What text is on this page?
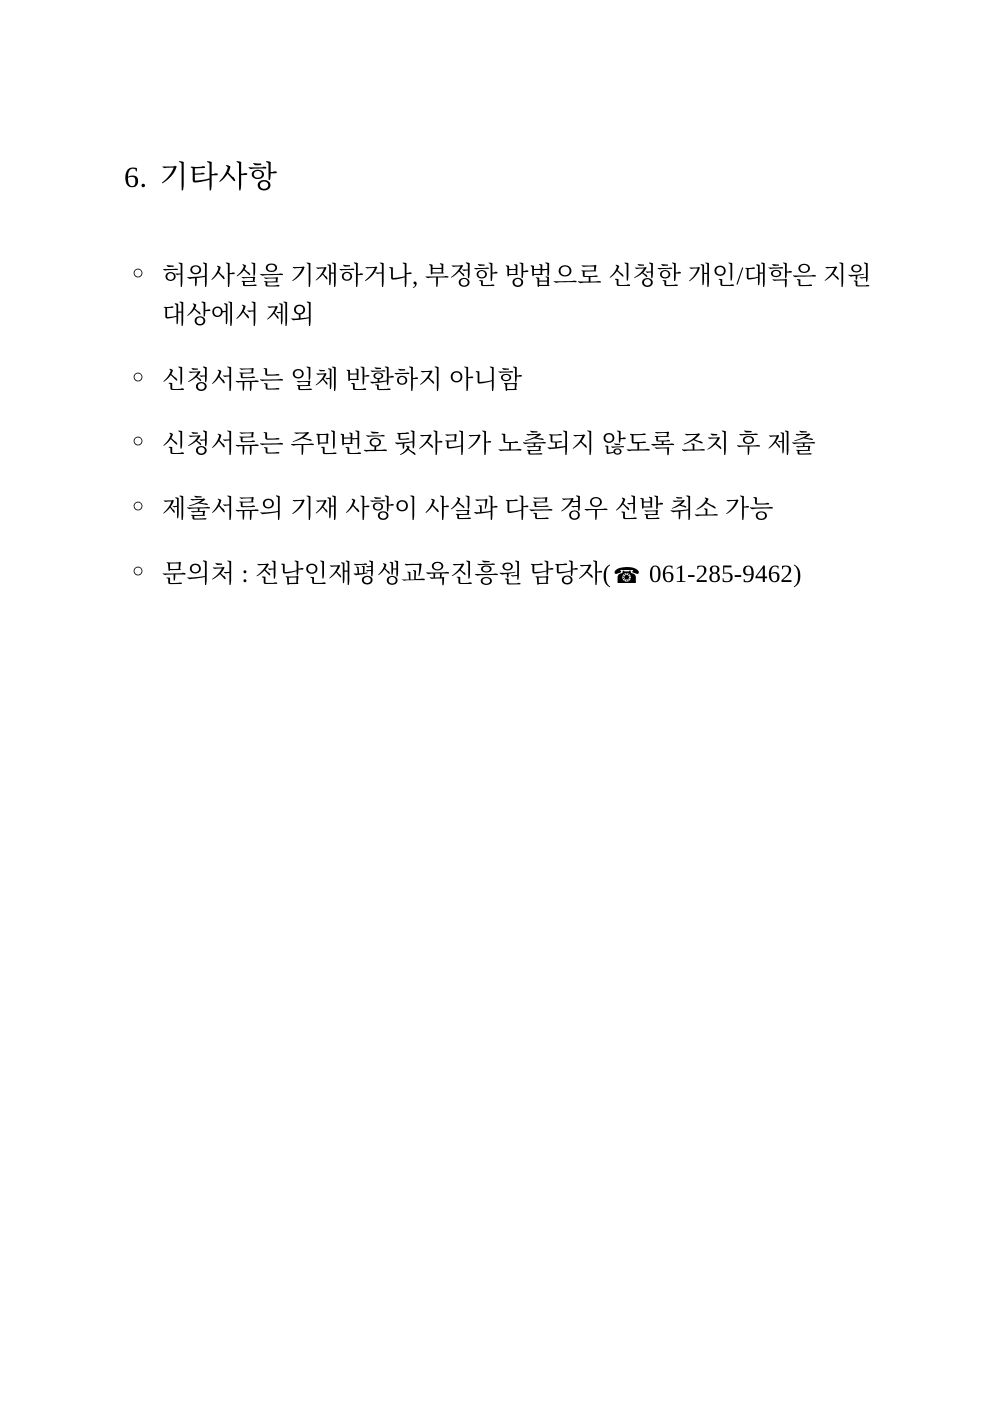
6. 기타사항

○ 허위사실을 기재하거나, 부정한 방법으로 신청한 개인/대학은 지원 대상에서 제외
○ 신청서류는 일체 반환하지 아니함
○ 신청서류는 주민번호 뒷자리가 노출되지 않도록 조치 후 제출
○ 제출서류의 기재 사항이 사실과 다른 경우 선발 취소 가능
○ 문의처 : 전남인재평생교육진흥원 담당자(☎ 061-285-9462)
